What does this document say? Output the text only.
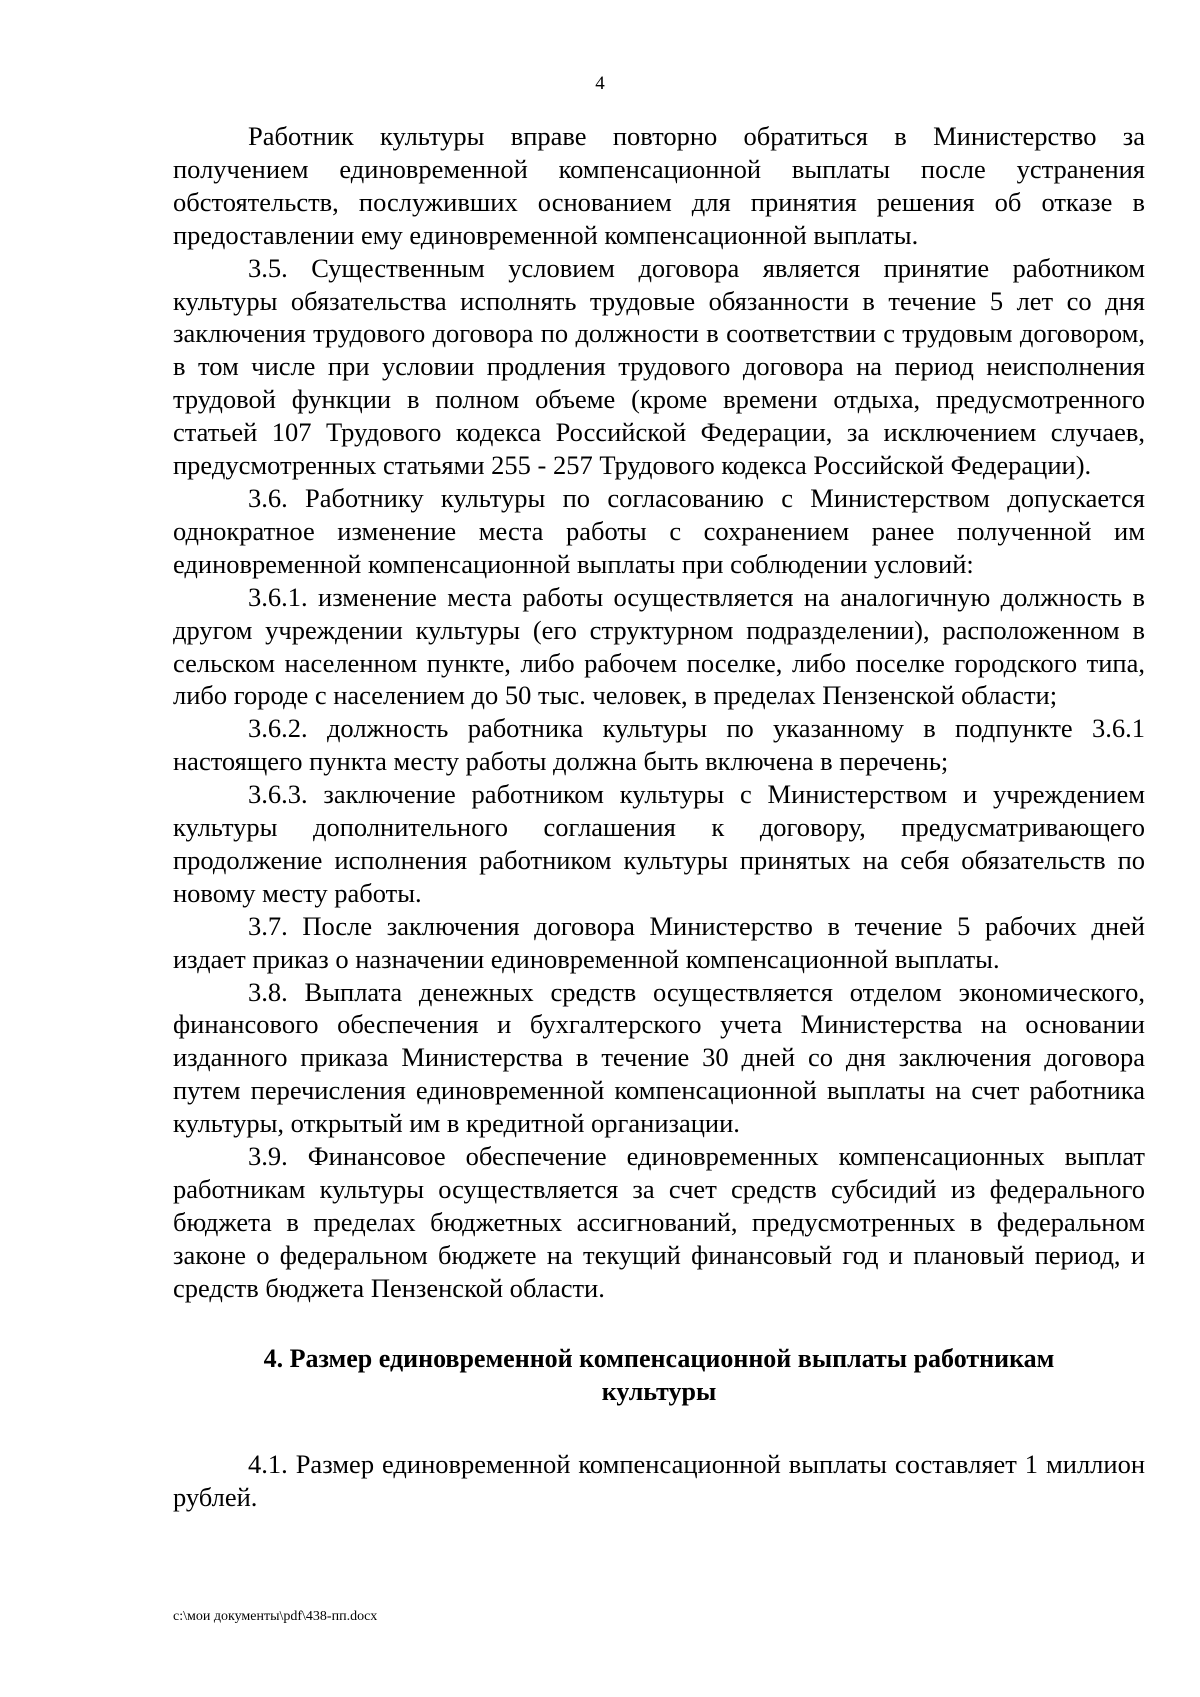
4

Работник культуры вправе повторно обратиться в Министерство за получением единовременной компенсационной выплаты после устранения обстоятельств, послуживших основанием для принятия решения об отказе в предоставлении ему единовременной компенсационной выплаты.

3.5. Существенным условием договора является принятие работником культуры обязательства исполнять трудовые обязанности в течение 5 лет со дня заключения трудового договора по должности в соответствии с трудовым договором, в том числе при условии продления трудового договора на период неисполнения трудовой функции в полном объеме (кроме времени отдыха, предусмотренного статьей 107 Трудового кодекса Российской Федерации, за исключением случаев, предусмотренных статьями 255 - 257 Трудового кодекса Российской Федерации).

3.6. Работнику культуры по согласованию с Министерством допускается однократное изменение места работы с сохранением ранее полученной им единовременной компенсационной выплаты при соблюдении условий:

3.6.1. изменение места работы осуществляется на аналогичную должность в другом учреждении культуры (его структурном подразделении), расположенном в сельском населенном пункте, либо рабочем поселке, либо поселке городского типа, либо городе с населением до 50 тыс. человек, в пределах Пензенской области;

3.6.2. должность работника культуры по указанному в подпункте 3.6.1 настоящего пункта месту работы должна быть включена в перечень;

3.6.3. заключение работником культуры с Министерством и учреждением культуры дополнительного соглашения к договору, предусматривающего продолжение исполнения работником культуры принятых на себя обязательств по новому месту работы.

3.7. После заключения договора Министерство в течение 5 рабочих дней издает приказ о назначении единовременной компенсационной выплаты.

3.8. Выплата денежных средств осуществляется отделом экономического, финансового обеспечения и бухгалтерского учета Министерства на основании изданного приказа Министерства в течение 30 дней со дня заключения договора путем перечисления единовременной компенсационной выплаты на счет работника культуры, открытый им в кредитной организации.

3.9. Финансовое обеспечение единовременных компенсационных выплат работникам культуры осуществляется за счет средств субсидий из федерального бюджета в пределах бюджетных ассигнований, предусмотренных в федеральном законе о федеральном бюджете на текущий финансовый год и плановый период, и средств бюджета Пензенской области.

4. Размер единовременной компенсационной выплаты работникам
культуры

4.1. Размер единовременной компенсационной выплаты составляет 1 миллион рублей.

c:\мои документы\pdf\438-пп.docx
